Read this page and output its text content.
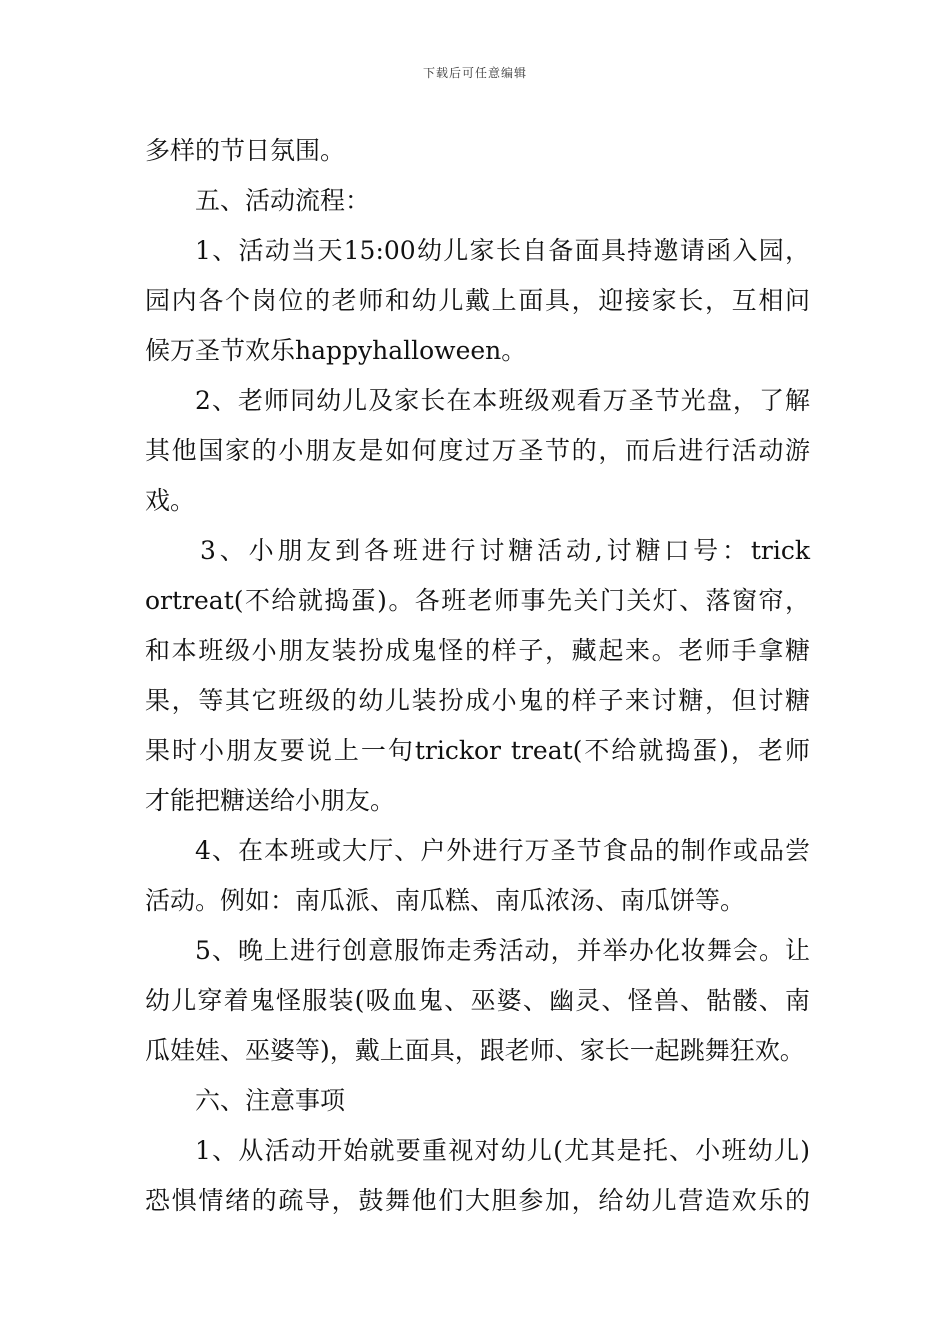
下载后可任意编辑
多样的节日氛围。
五、活动流程：
1、活动当天15:00幼儿家长自备面具持邀请函入园，
园内各个岗位的老师和幼儿戴上面具，迎接家长，互相问
候万圣节欢乐happyhalloween。
2、老师同幼儿及家长在本班级观看万圣节光盘，了解
其他国家的小朋友是如何度过万圣节的，而后进行活动游
戏。
3、小朋友到各班进行讨糖活动,讨糖口号：trick
ortreat(不给就捣蛋)。各班老师事先关门关灯、落窗帘，
和本班级小朋友装扮成鬼怪的样子，藏起来。老师手拿糖
果，等其它班级的幼儿装扮成小鬼的样子来讨糖，但讨糖
果时小朋友要说上一句trickor treat(不给就捣蛋)，老师
才能把糖送给小朋友。
4、在本班或大厅、户外进行万圣节食品的制作或品尝
活动。例如：南瓜派、南瓜糕、南瓜浓汤、南瓜饼等。
5、晚上进行创意服饰走秀活动，并举办化妆舞会。让
幼儿穿着鬼怪服装(吸血鬼、巫婆、幽灵、怪兽、骷髅、南
瓜娃娃、巫婆等)，戴上面具，跟老师、家长一起跳舞狂欢。
六、注意事项
1、从活动开始就要重视对幼儿(尤其是托、小班幼儿)
恐惧情绪的疏导，鼓舞他们大胆参加，给幼儿营造欢乐的
